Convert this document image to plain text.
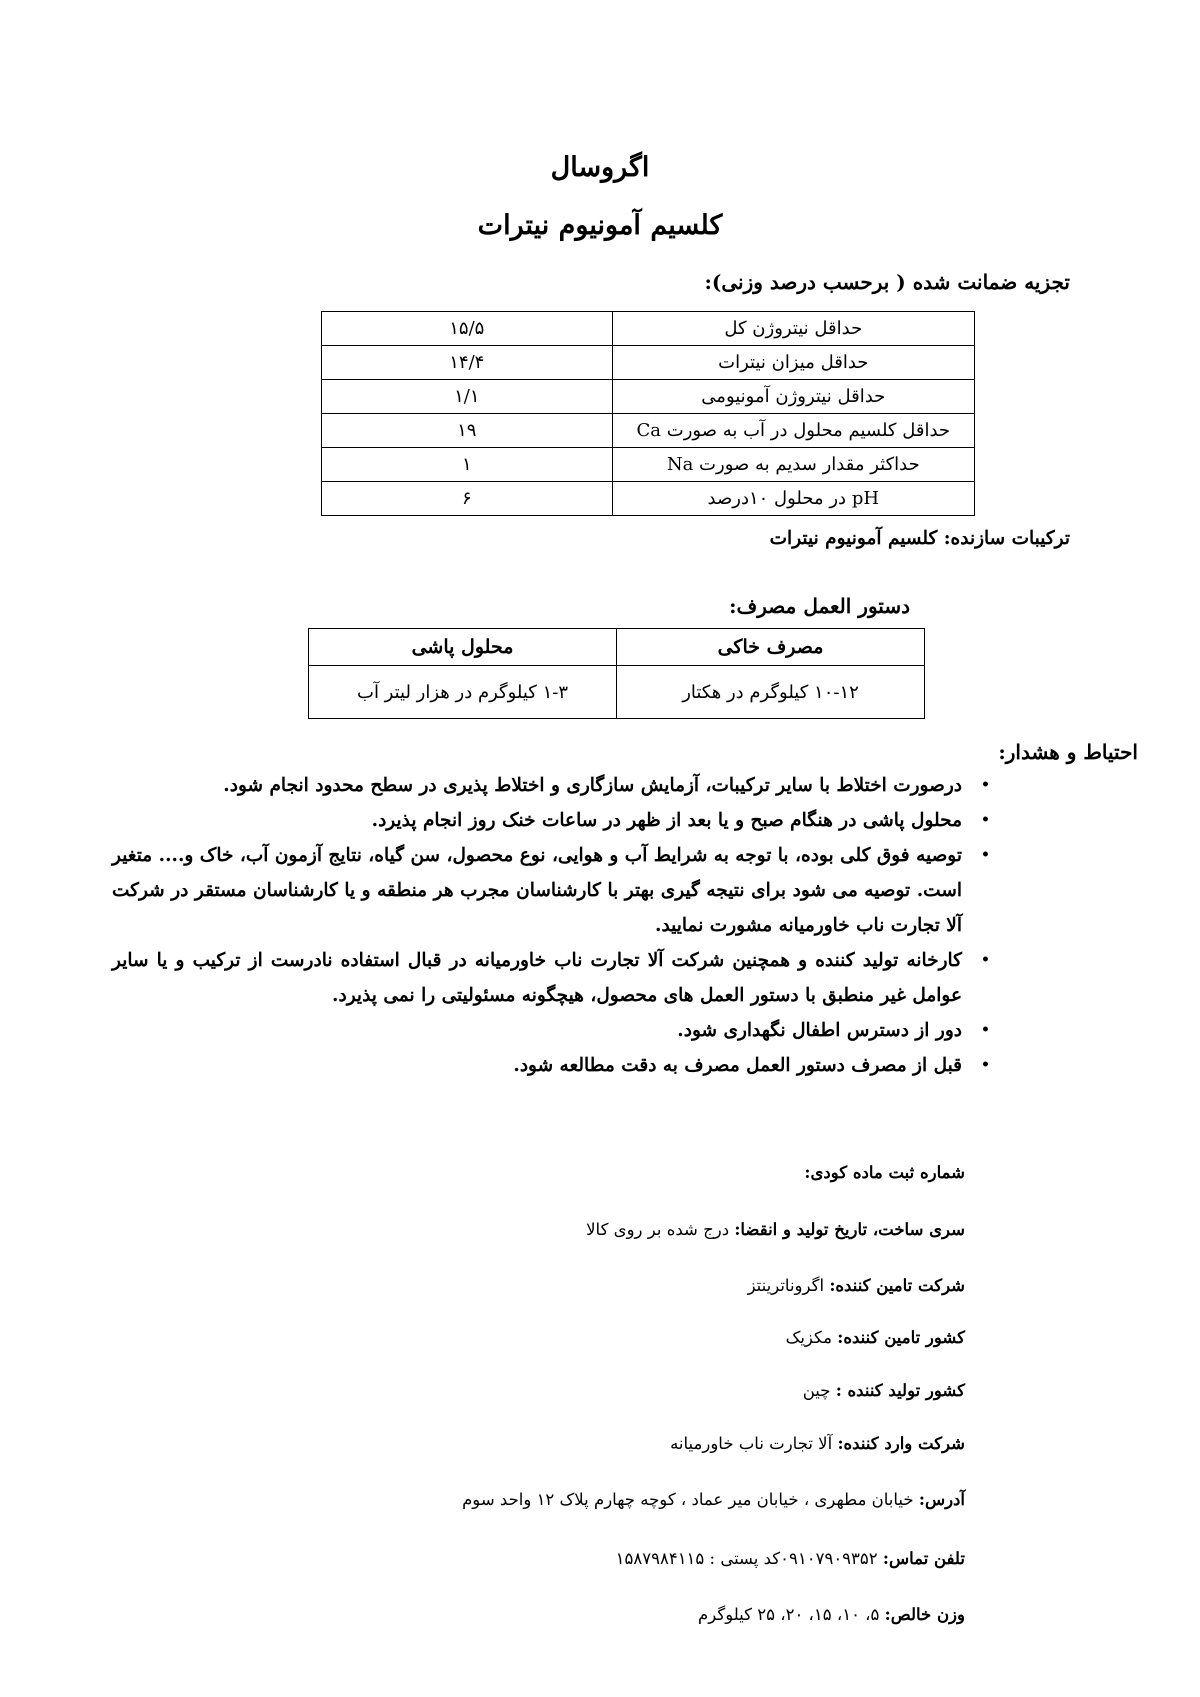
اگروسال
کلسیم آمونیوم نیترات
تجزیه ضمانت شده ( برحسب درصد وزنی):
حداقل نیتروژن کل	۱۵/۵
حداقل میزان نیترات	۱۴/۴
حداقل نیتروژن آمونیومی	۱/۱
حداقل کلسیم محلول در آب به صورت Ca	۱۹
حداکثر مقدار سدیم به صورت Na	۱
pH در محلول ۱۰درصد	۶
ترکیبات سازنده: کلسیم آمونیوم نیترات
دستور العمل مصرف:
مصرف خاکی	محلول پاشی
۱۰-۱۲ کیلوگرم در هکتار	۱-۳ کیلوگرم در هزار لیتر آب
احتیاط و هشدار:
•
درصورت اختلاط با سایر ترکیبات، آزمایش سازگاری و اختلاط پذیری در سطح محدود انجام شود.
•
محلول پاشی در هنگام صبح و یا بعد از ظهر در ساعات خنک روز انجام پذیرد.
•
توصیه فوق کلی بوده، با توجه به شرایط آب و هوایی، نوع محصول، سن گیاه، نتایج آزمون آب، خاک و.... متغیر است. توصیه می شود برای نتیجه گیری بهتر با کارشناسان مجرب هر منطقه و یا کارشناسان مستقر در شرکت آلا تجارت ناب خاورمیانه مشورت نمایید.
•
کارخانه تولید کننده و همچنین شرکت آلا تجارت ناب خاورمیانه در قبال استفاده نادرست از ترکیب و یا سایر عوامل غیر منطبق با دستور العمل های محصول، هیچگونه مسئولیتی را نمی پذیرد.
•
دور از دسترس اطفال نگهداری شود.
•
قبل از مصرف دستور العمل مصرف به دقت مطالعه شود.
شماره ثبت ماده کودی:
سری ساخت، تاریخ تولید و انقضا: درج شده بر روی کالا
شرکت تامین کننده: اگروناترینتز
کشور تامین کننده: مکزیک
کشور تولید کننده : چین
شرکت وارد کننده: آلا تجارت ناب خاورمیانه
آدرس: خیابان مطهری ، خیابان میر عماد ، کوچه چهارم پلاک ۱۲ واحد سوم
تلفن تماس: ۰۹۱۰۷۹۰۹۳۵۲کد پستی : ۱۵۸۷۹۸۴۱۱۵
وزن خالص: ۵، ۱۰، ۱۵، ۲۰، ۲۵ کیلوگرم
